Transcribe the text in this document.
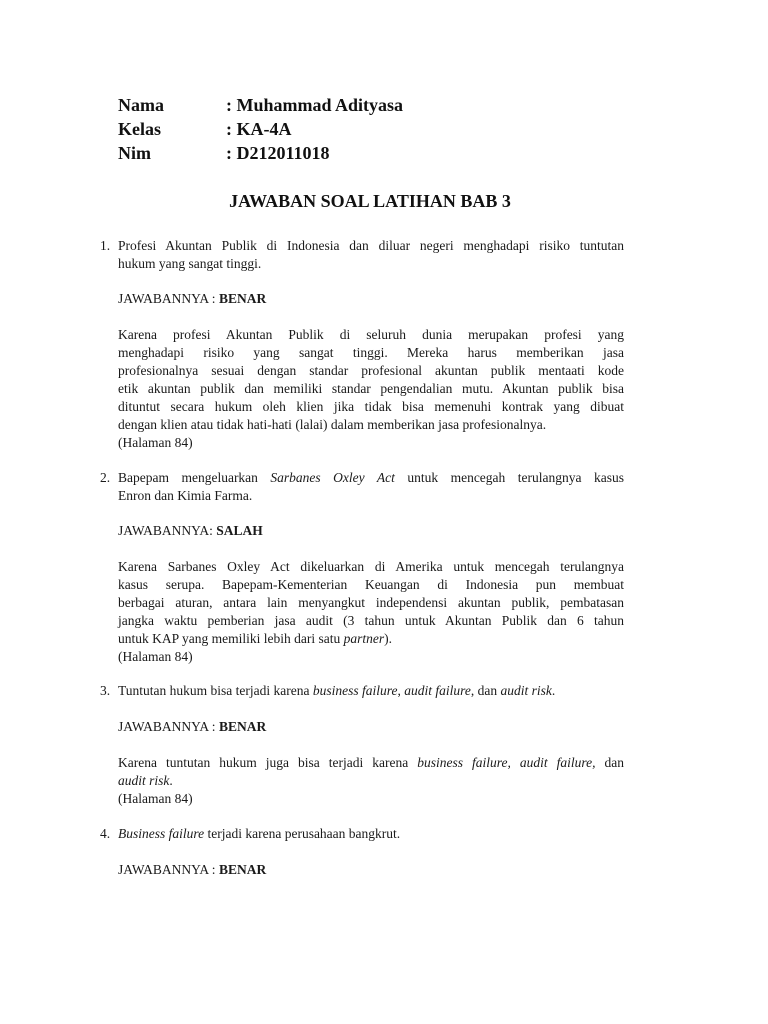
Nama	: Muhammad Adityasa
Kelas	: KA-4A
Nim	: D212011018
JAWABAN SOAL LATIHAN BAB 3
1. Profesi Akuntan Publik di Indonesia dan diluar negeri menghadapi risiko tuntutan
hukum yang sangat tinggi.
JAWABANNYA : BENAR
Karena profesi Akuntan Publik di seluruh dunia merupakan profesi yang
menghadapi risiko yang sangat tinggi. Mereka harus memberikan jasa
profesionalnya sesuai dengan standar profesional akuntan publik mentaati kode
etik akuntan publik dan memiliki standar pengendalian mutu. Akuntan publik bisa
dituntut secara hukum oleh klien jika tidak bisa memenuhi kontrak yang dibuat
dengan klien atau tidak hati-hati (lalai) dalam memberikan jasa profesionalnya.
(Halaman 84)
2. Bapepam mengeluarkan Sarbanes Oxley Act untuk mencegah terulangnya kasus
Enron dan Kimia Farma.
JAWABANNYA: SALAH
Karena Sarbanes Oxley Act dikeluarkan di Amerika untuk mencegah terulangnya
kasus serupa. Bapepam-Kementerian Keuangan di Indonesia pun membuat
berbagai aturan, antara lain menyangkut independensi akuntan publik, pembatasan
jangka waktu pemberian jasa audit (3 tahun untuk Akuntan Publik dan 6 tahun
untuk KAP yang memiliki lebih dari satu partner).
(Halaman 84)
3. Tuntutan hukum bisa terjadi karena business failure, audit failure, dan audit risk.
JAWABANNYA : BENAR
Karena tuntutan hukum juga bisa terjadi karena business failure, audit failure, dan
audit risk.
(Halaman 84)
4. Business failure terjadi karena perusahaan bangkrut.
JAWABANNYA : BENAR
